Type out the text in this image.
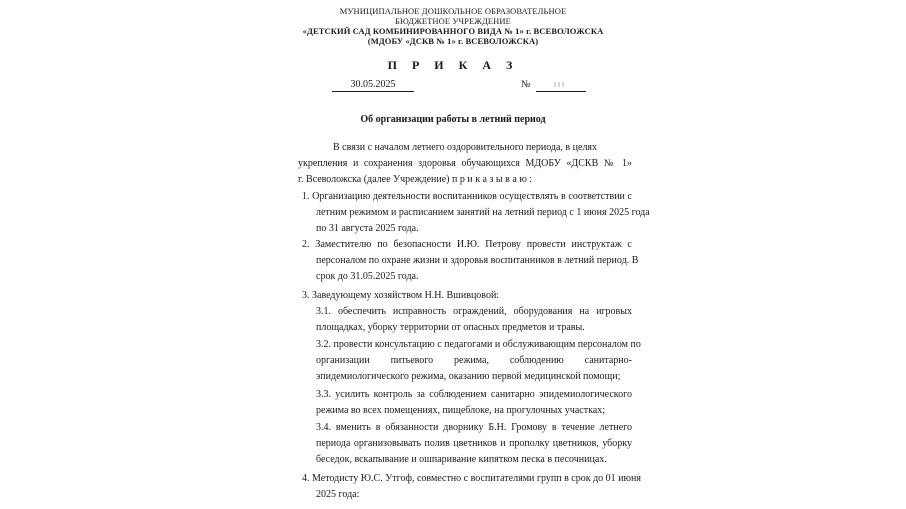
МУНИЦИПАЛЬНОЕ ДОШКОЛЬНОЕ ОБРАЗОВАТЕЛЬНОЕ
БЮДЖЕТНОЕ УЧРЕЖДЕНИЕ
«ДЕТСКИЙ САД КОМБИНИРОВАННОГО ВИДА № 1» г. ВСЕВОЛОЖСКА
(МДОБУ «ДСКВ № 1» г. ВСЕВОЛОЖСКА)
П Р И К А З
30.05.2025	№
Об организации работы в летний период
В связи с началом летнего оздоровительного периода, в целях
укрепления и сохранения здоровья обучающихся МДОБУ «ДСКВ № 1»
г. Всеволожска (далее Учреждение) п р и к а з ы в а ю :
1. Организацию деятельности воспитанников осуществлять в соответствии с
летним режимом и расписанием занятий на летний период с 1 июня 2025 года
по 31 августа 2025 года.
2. Заместителю по безопасности И.Ю. Петрову провести инструктаж с
персоналом по охране жизни и здоровья воспитанников в летний период. В
срок до 31.05.2025 года.
3. Заведующему хозяйством Н.Н. Вшивцовой:
3.1. обеспечить исправность ограждений, оборудования на игровых
площадках, уборку территории от опасных предметов и травы.
3.2. провести консультацию с педагогами и обслуживающим персоналом по
организации питьевого режима, соблюдению санитарно-
эпидемиологического режима, оказанию первой медицинской помощи;
3.3. усилить контроль за соблюдением санитарно эпидемиологического
режима во всех помещениях, пищеблоке, на прогулочных участках;
3.4. вменить в обязанности дворнику Б.Н. Громову в течение летнего
периода организовывать полив цветников и прополку цветников, уборку
беседок, вскапывание и ошпаривание кипятком песка в песочницах.
4. Методисту Ю.С. Утгоф, совместно с воспитателями групп в срок до 01 июня
2025 года:
